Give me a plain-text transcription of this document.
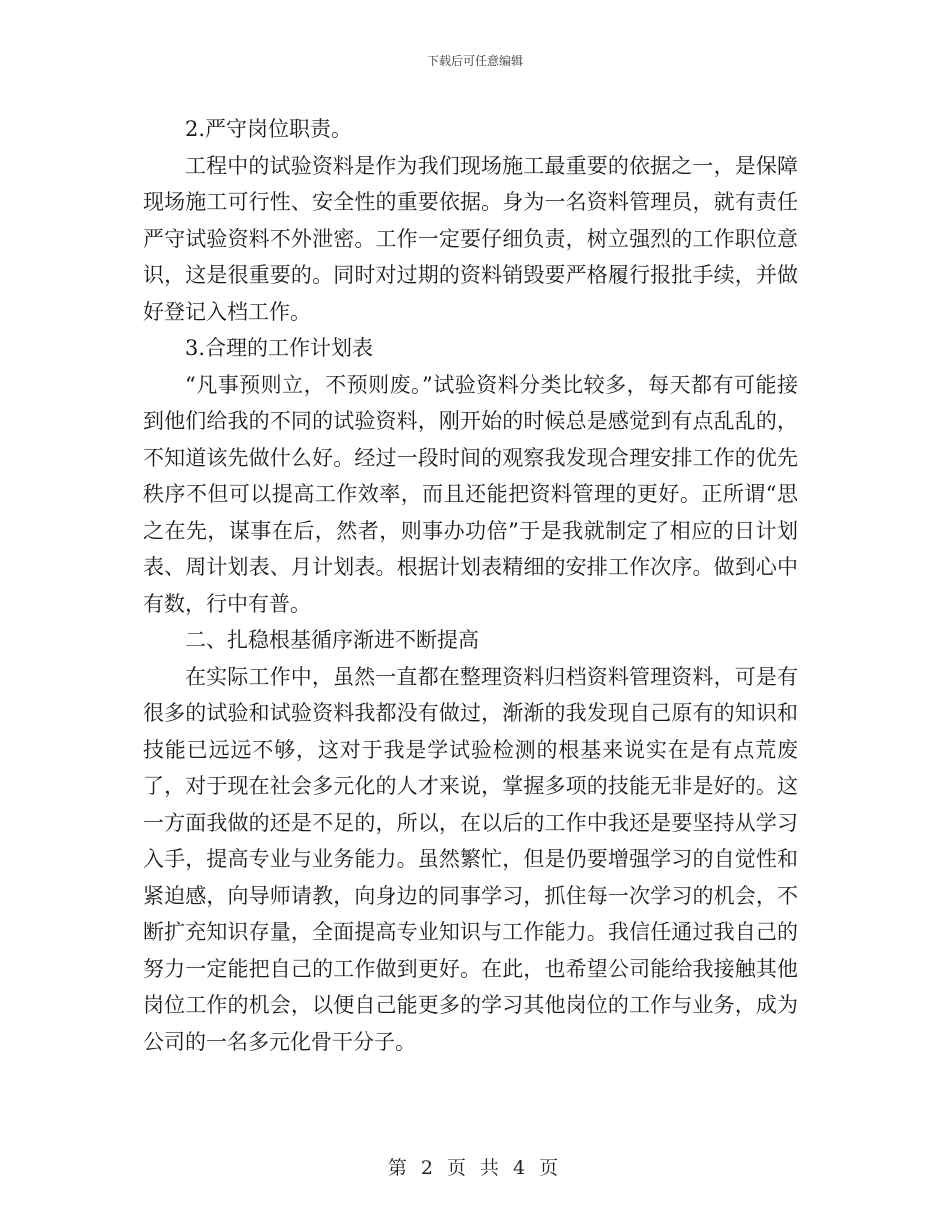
下载后可任意编辑

2.严守岗位职责。

工程中的试验资料是作为我们现场施工最重要的依据之一，是保障现场施工可行性、安全性的重要依据。身为一名资料管理员，就有责任严守试验资料不外泄密。工作一定要仔细负责，树立强烈的工作职位意识，这是很重要的。同时对过期的资料销毁要严格履行报批手续，并做好登记入档工作。

3.合理的工作计划表

“凡事预则立，不预则废。”试验资料分类比较多，每天都有可能接到他们给我的不同的试验资料，刚开始的时候总是感觉到有点乱乱的，不知道该先做什么好。经过一段时间的观察我发现合理安排工作的优先秩序不但可以提高工作效率，而且还能把资料管理的更好。正所谓“思之在先，谋事在后，然者，则事办功倍”于是我就制定了相应的日计划表、周计划表、月计划表。根据计划表精细的安排工作次序。做到心中有数，行中有普。

二、扎稳根基循序渐进不断提高

在实际工作中，虽然一直都在整理资料归档资料管理资料，可是有很多的试验和试验资料我都没有做过，渐渐的我发现自己原有的知识和技能已远远不够，这对于我是学试验检测的根基来说实在是有点荒废了，对于现在社会多元化的人才来说，掌握多项的技能无非是好的。这一方面我做的还是不足的，所以，在以后的工作中我还是要坚持从学习入手，提高专业与业务能力。虽然繁忙，但是仍要增强学习的自觉性和紧迫感，向导师请教，向身边的同事学习，抓住每一次学习的机会，不断扩充知识存量，全面提高专业知识与工作能力。我信任通过我自己的努力一定能把自己的工作做到更好。在此，也希望公司能给我接触其他岗位工作的机会，以便自己能更多的学习其他岗位的工作与业务，成为公司的一名多元化骨干分子。

第 2 页 共 4 页
